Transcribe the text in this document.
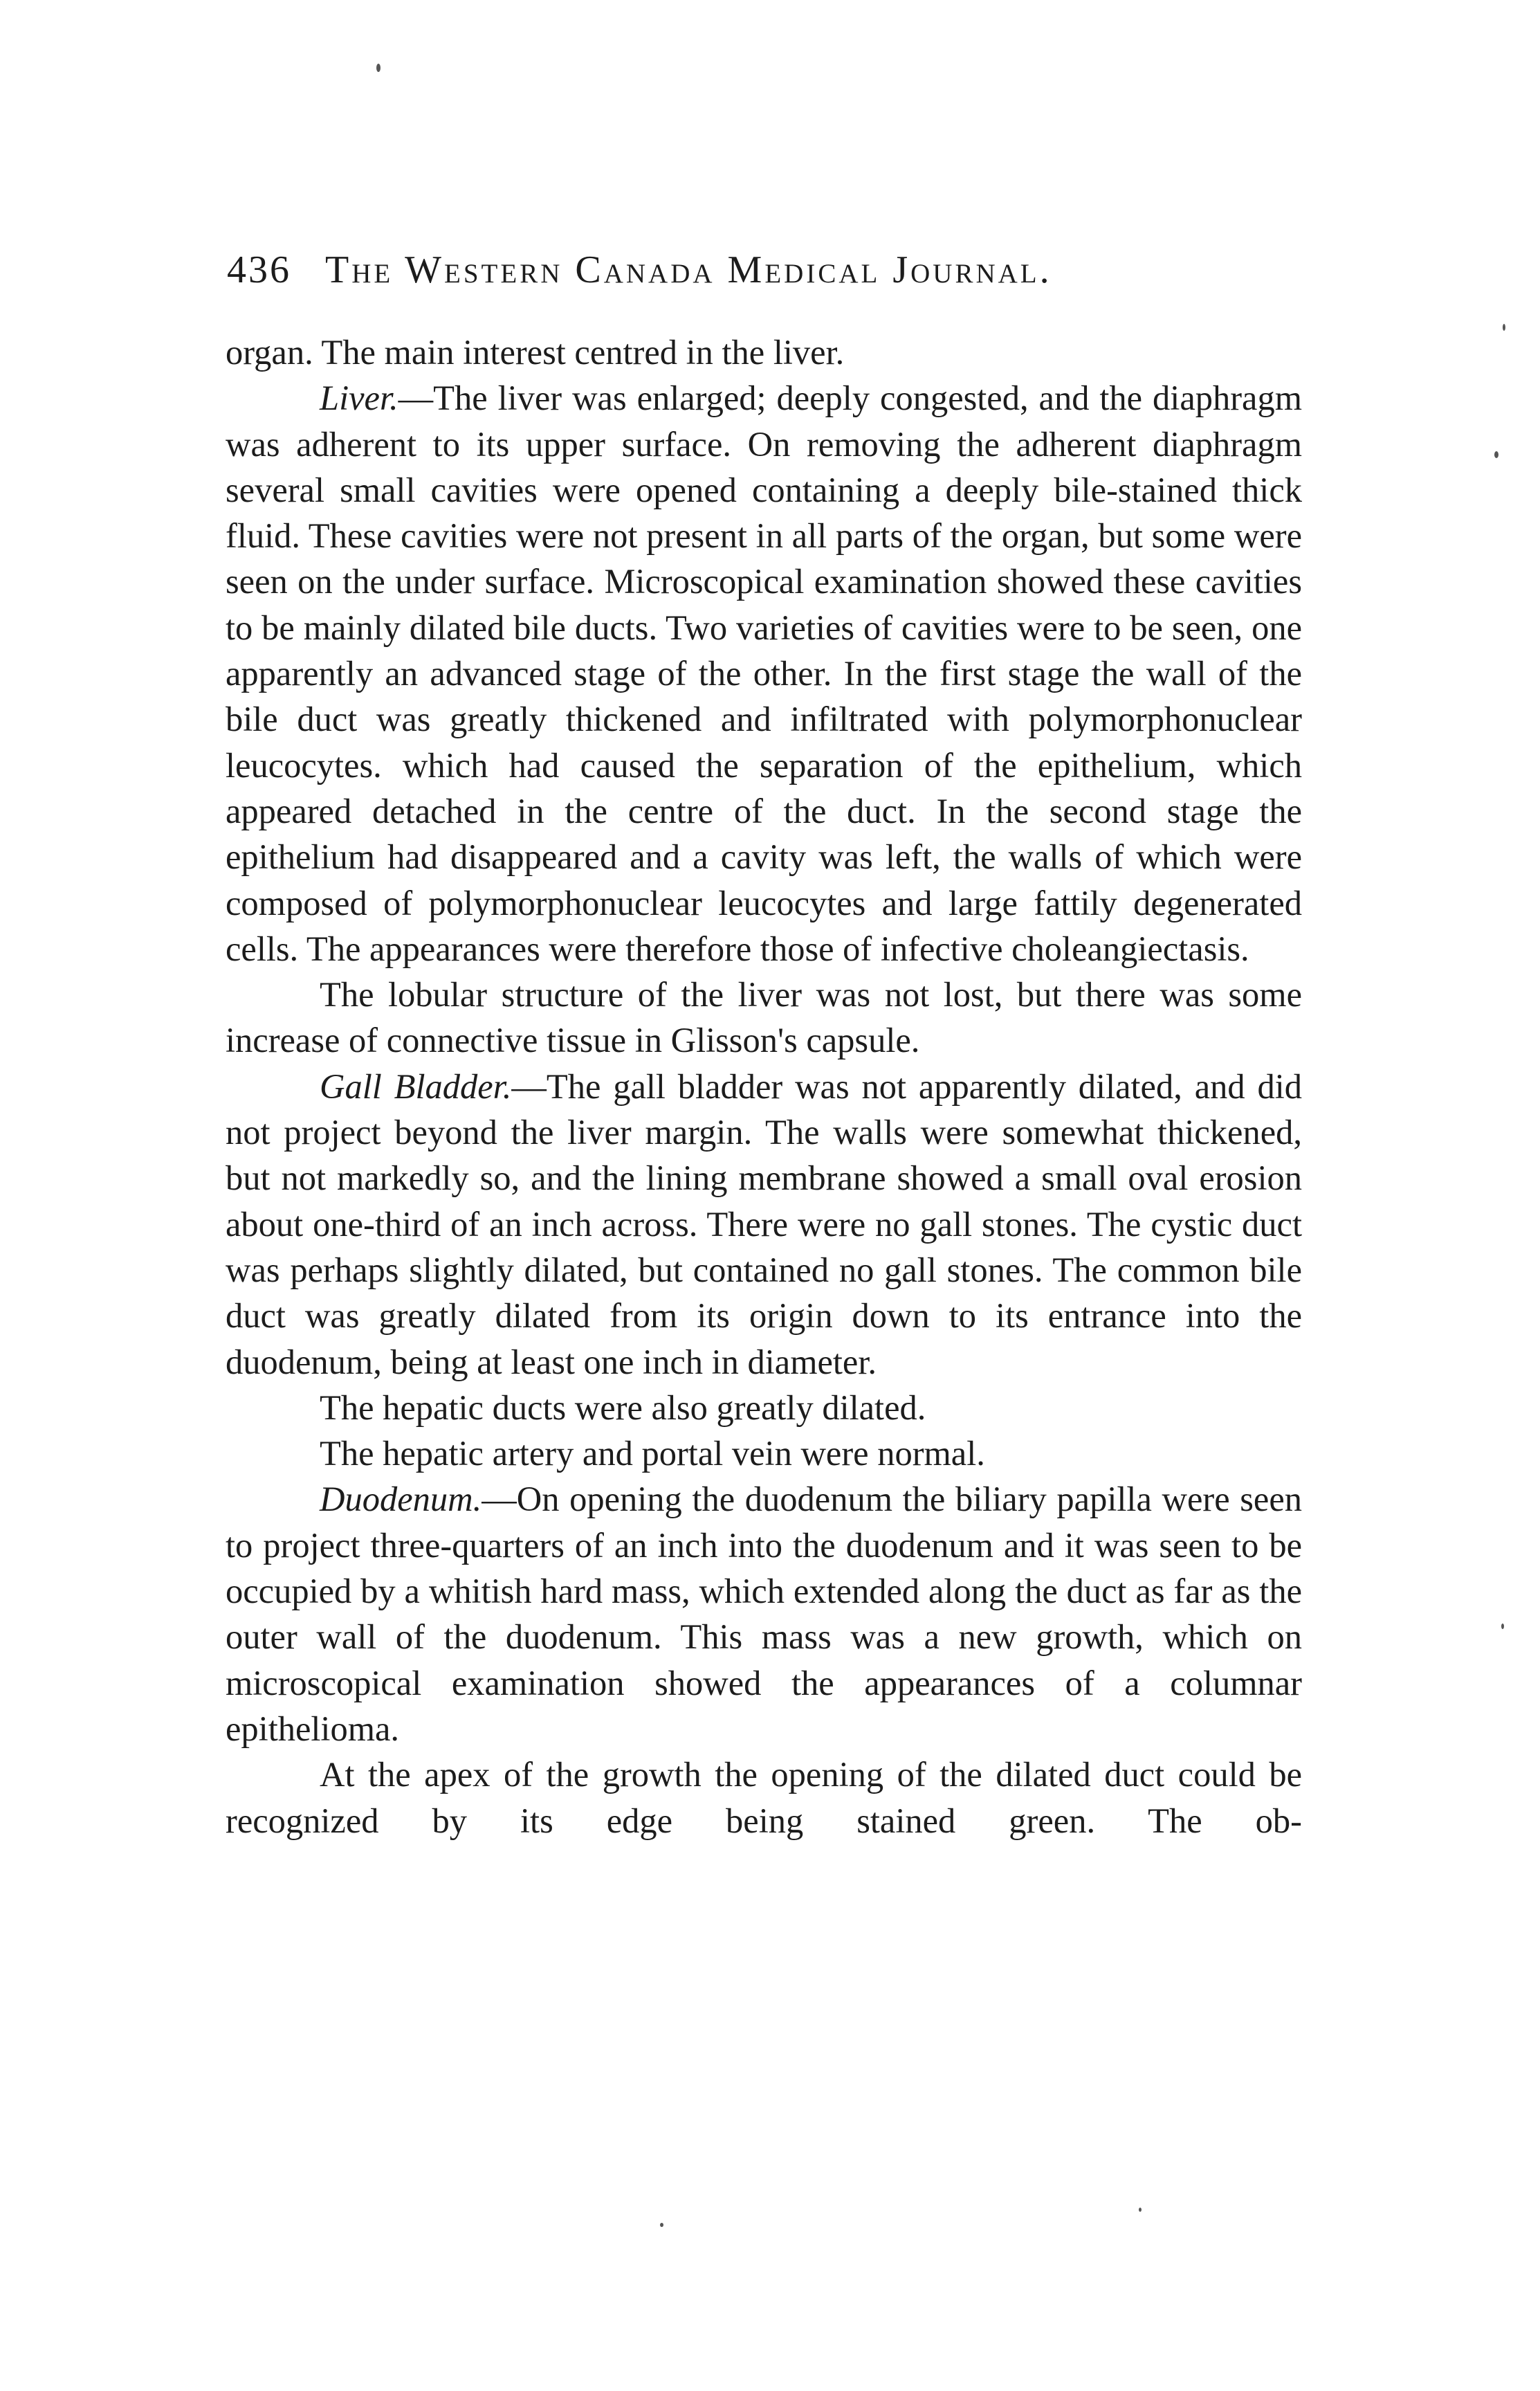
436 The Western Canada Medical Journal.

organ. The main interest centred in the liver.

Liver.—The liver was enlarged; deeply congested, and the diaphragm was adherent to its upper surface. On removing the adherent diaphragm several small cavities were opened containing a deeply bile-stained thick fluid. These cavities were not present in all parts of the organ, but some were seen on the under surface. Microscopical examination showed these cavities to be mainly dilated bile ducts. Two varieties of cavities were to be seen, one apparently an advanced stage of the other. In the first stage the wall of the bile duct was greatly thickened and infiltrated with polymorphonuclear leucocytes. which had caused the separation of the epithelium, which appeared detached in the centre of the duct. In the second stage the epithelium had disappeared and a cavity was left, the walls of which were composed of polymorphonuclear leucocytes and large fattily degenerated cells. The appearances were therefore those of infective choleangiectasis.

The lobular structure of the liver was not lost, but there was some increase of connective tissue in Glisson's capsule.

Gall Bladder.—The gall bladder was not apparently dilated, and did not project beyond the liver margin. The walls were somewhat thickened, but not markedly so, and the lining membrane showed a small oval erosion about one-third of an inch across. There were no gall stones. The cystic duct was perhaps slightly dilated, but contained no gall stones. The common bile duct was greatly dilated from its origin down to its entrance into the duodenum, being at least one inch in diameter.

The hepatic ducts were also greatly dilated.

The hepatic artery and portal vein were normal.

Duodenum.—On opening the duodenum the biliary papilla were seen to project three-quarters of an inch into the duodenum and it was seen to be occupied by a whitish hard mass, which extended along the duct as far as the outer wall of the duodenum. This mass was a new growth, which on microscopical examination showed the appearances of a columnar epithelioma.

At the apex of the growth the opening of the dilated duct could be recognized by its edge being stained green. The ob-
